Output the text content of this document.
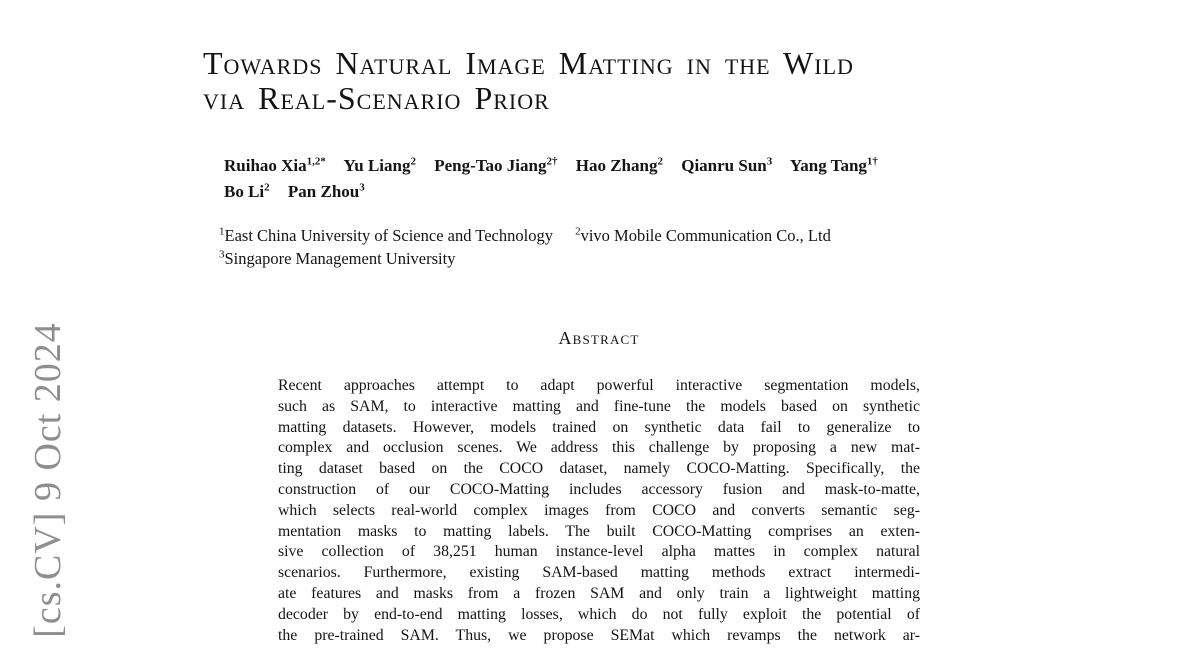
[cs.CV] 9 Oct 2024
Towards Natural Image Matting in the Wild
via Real-Scenario Prior
Ruihao Xia$^{1,2*}$ Yu Liang$^2$ Peng-Tao Jiang$^{2\dagger}$ Hao Zhang$^2$ Qianru Sun$^3$ Yang Tang$^{1\dagger}$
Bo Li$^2$ Pan Zhou$^3$
$^1$East China University of Science and Technology $^2$vivo Mobile Communication Co., Ltd
$^3$Singapore Management University
Abstract
Recent approaches attempt to adapt powerful interactive segmentation models,
such as SAM, to interactive matting and fine-tune the models based on synthetic
matting datasets. However, models trained on synthetic data fail to generalize to
complex and occlusion scenes. We address this challenge by proposing a new mat-
ting dataset based on the COCO dataset, namely COCO-Matting. Specifically, the
construction of our COCO-Matting includes accessory fusion and mask-to-matte,
which selects real-world complex images from COCO and converts semantic seg-
mentation masks to matting labels. The built COCO-Matting comprises an exten-
sive collection of 38,251 human instance-level alpha mattes in complex natural
scenarios. Furthermore, existing SAM-based matting methods extract intermedi-
ate features and masks from a frozen SAM and only train a lightweight matting
decoder by end-to-end matting losses, which do not fully exploit the potential of
the pre-trained SAM. Thus, we propose SEMat which revamps the network ar-
